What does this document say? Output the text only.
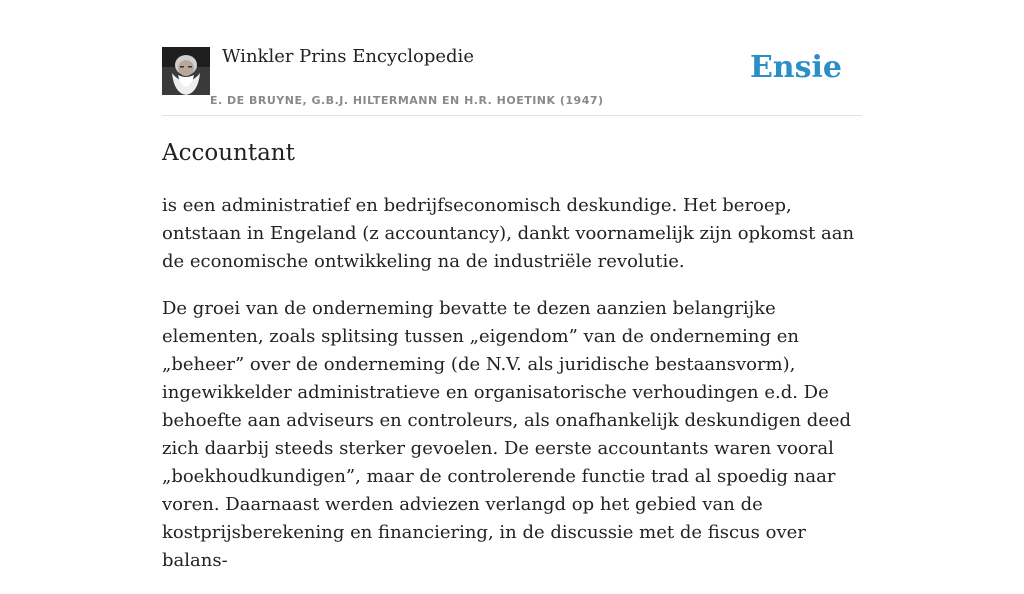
Winkler Prins Encyclopedie
E. DE BRUYNE, G.B.J. HILTERMANN EN H.R. HOETINK (1947)
Ensie
Accountant

is een administratief en bedrijfseconomisch deskundige. Het beroep, ontstaan in Engeland (z accountancy), dankt voornamelijk zijn opkomst aan de economische ontwikkeling na de industriële revolutie.

De groei van de onderneming bevatte te dezen aanzien belangrijke elementen, zoals splitsing tussen „eigendom” van de onderneming en „beheer” over de onderneming (de N.V. als juridische bestaansvorm), ingewikkelder administratieve en organisatorische verhoudingen e.d. De behoefte aan adviseurs en controleurs, als onafhankelijk deskundigen deed zich daarbij steeds sterker gevoelen. De eerste accountants waren vooral „boekhoudkundigen”, maar de controlerende functie trad al spoedig naar voren. Daarnaast werden adviezen verlangd op het gebied van de kostprijsberekening en financiering, in de discussie met de fiscus over balans-
